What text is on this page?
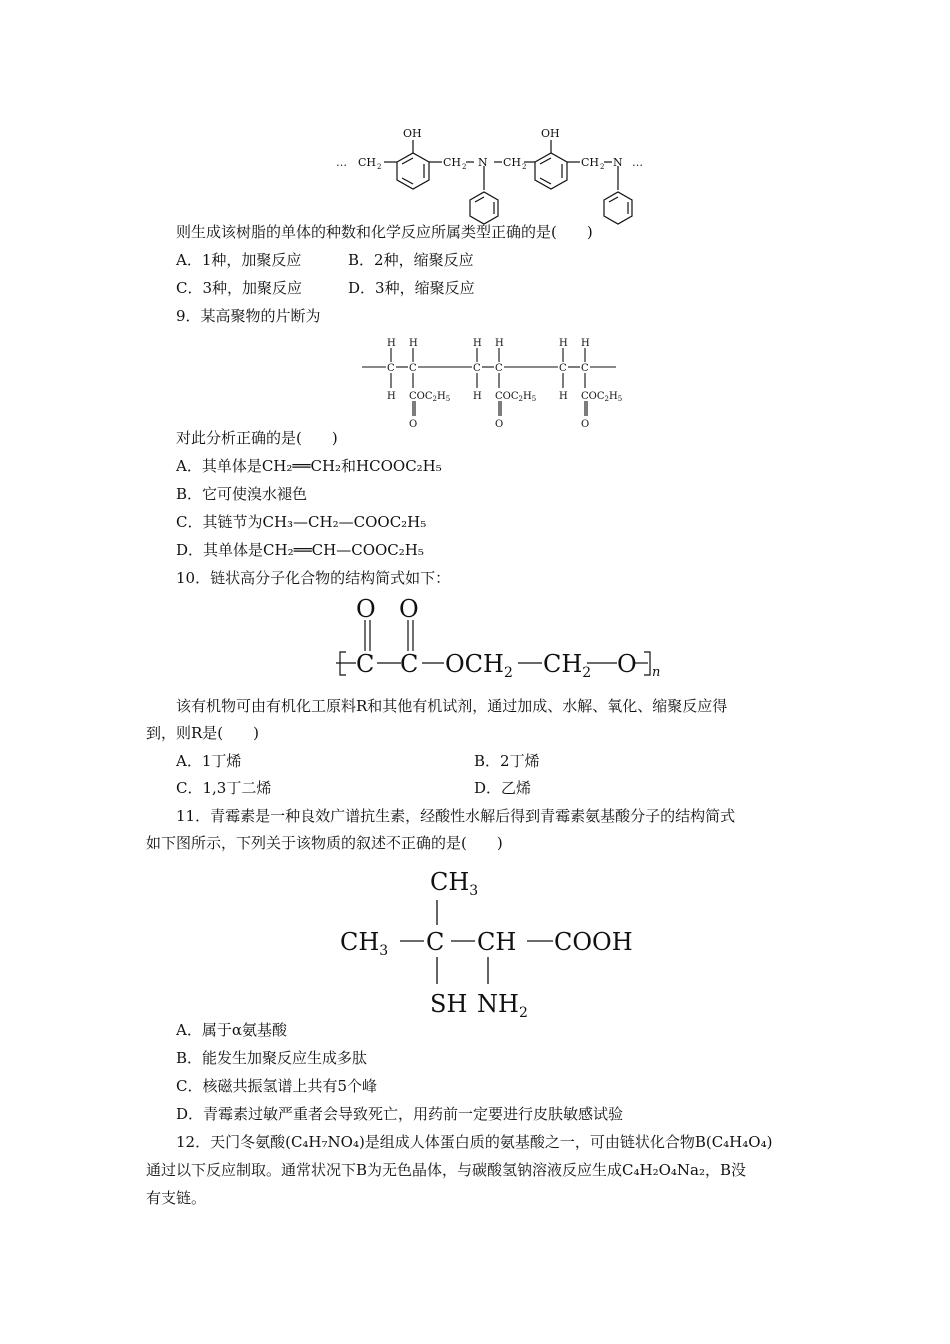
OH	OH
… CH	CH N CH	CH N …
2	2	2	2
则生成该树脂的单体的种数和化学反应所属类型正确的是(　　)
A．1种，加聚反应	B．2种，缩聚反应
C．3种，加聚反应	D．3种，缩聚反应
9．某高聚物的片断为
H H	H H	H H
C C	C C	C C
H	H	H
$COC_2H_5$	$COC_2H_5$	$COC_2H_5$
O	O	O
对此分析正确的是(　　)
A．其单体是CH₂══CH₂和HCOOC₂H₅
B．它可使溴水褪色
C．其链节为CH₃—CH₂—COOC₂H₅
D．其单体是CH₂══CH—COOC₂H₅
10．链状高分子化合物的结构简式如下：
O O
C C $OCH_2$ $CH_2$ O n
该有机物可由有机化工原料R和其他有机试剂，通过加成、水解、氧化、缩聚反应得
到，则R是(　　)
A．1丁烯	B．2丁烯
C．1,3丁二烯	D．乙烯
11．青霉素是一种良效广谱抗生素，经酸性水解后得到青霉素氨基酸分子的结构简式
如下图所示，下列关于该物质的叙述不正确的是(　　)
$CH_3$
$CH_3$ C CH COOH
SH $NH_2$
A．属于α氨基酸
B．能发生加聚反应生成多肽
C．核磁共振氢谱上共有5个峰
D．青霉素过敏严重者会导致死亡，用药前一定要进行皮肤敏感试验
12．天门冬氨酸(C₄H₇NO₄)是组成人体蛋白质的氨基酸之一，可由链状化合物B(C₄H₄O₄)
通过以下反应制取。通常状况下B为无色晶体，与碳酸氢钠溶液反应生成C₄H₂O₄Na₂，B没
有支链。
